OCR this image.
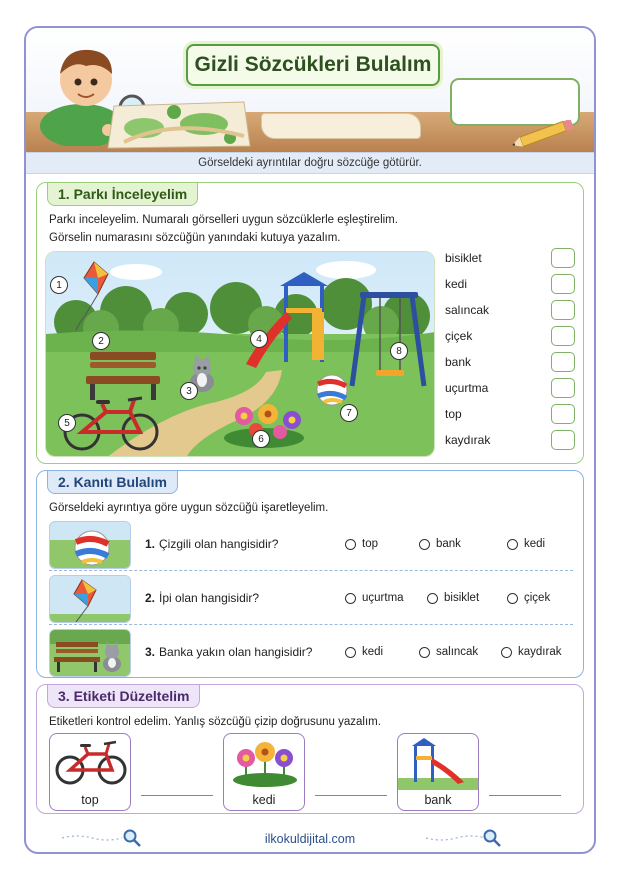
Gizli Sözcükleri Bulalım
Görseldeki ayrıntılar doğru sözcüğe götürür.
1. Parkı İnceleyelim
Parkı inceleyelim. Numaralı görselleri uygun sözcüklerle eşleştirelim.
Görselin numarasını sözcüğün yanındaki kutuya yazalım.
1
2
3
4
5
6
7
8
bisiklet
kedi
salıncak
çiçek
bank
uçurtma
top
kaydırak
2. Kanıtı Bulalım
Görseldeki ayrıntıya göre uygun sözcüğü işaretleyelim.
1. Çizgili olan hangisidir?	top	bank	kedi
2. İpi olan hangisidir?	uçurtma	bisiklet	çiçek
3. Banka yakın olan hangisidir?	kedi	salıncak	kaydırak
3. Etiketi Düzeltelim
Etiketleri kontrol edelim. Yanlış sözcüğü çizip doğrusunu yazalım.
top	kedi	bank
ilkokuldijital.com
